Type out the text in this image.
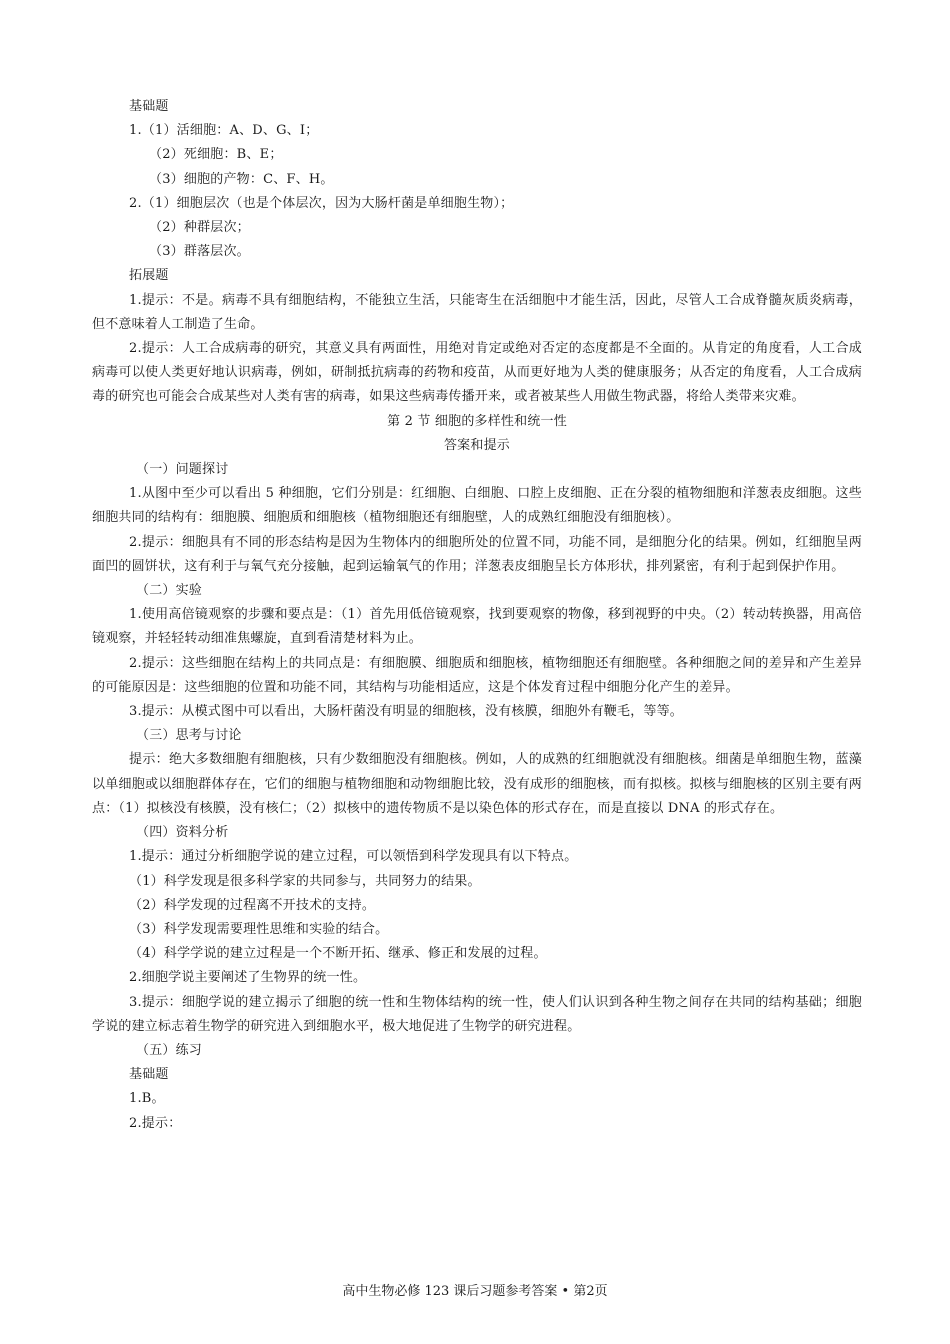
基础题

1.（1）活细胞：A、D、G、I；

（2）死细胞：B、E；

（3）细胞的产物：C、F、H。

2.（1）细胞层次（也是个体层次，因为大肠杆菌是单细胞生物）；

（2）种群层次；

（3）群落层次。

拓展题

1.提示：不是。病毒不具有细胞结构，不能独立生活，只能寄生在活细胞中才能生活，因此，尽管人工合成脊髓灰质炎病毒，但不意味着人工制造了生命。

2.提示：人工合成病毒的研究，其意义具有两面性，用绝对肯定或绝对否定的态度都是不全面的。从肯定的角度看，人工合成病毒可以使人类更好地认识病毒，例如，研制抵抗病毒的药物和疫苗，从而更好地为人类的健康服务；从否定的角度看，人工合成病毒的研究也可能会合成某些对人类有害的病毒，如果这些病毒传播开来，或者被某些人用做生物武器，将给人类带来灾难。

第 2 节 细胞的多样性和统一性

答案和提示

（一）问题探讨

1.从图中至少可以看出 5 种细胞，它们分别是：红细胞、白细胞、口腔上皮细胞、正在分裂的植物细胞和洋葱表皮细胞。这些细胞共同的结构有：细胞膜、细胞质和细胞核（植物细胞还有细胞壁，人的成熟红细胞没有细胞核）。

2.提示：细胞具有不同的形态结构是因为生物体内的细胞所处的位置不同，功能不同，是细胞分化的结果。例如，红细胞呈两面凹的圆饼状，这有利于与氧气充分接触，起到运输氧气的作用；洋葱表皮细胞呈长方体形状，排列紧密，有利于起到保护作用。

（二）实验

1.使用高倍镜观察的步骤和要点是：（1）首先用低倍镜观察，找到要观察的物像，移到视野的中央。（2）转动转换器，用高倍镜观察，并轻轻转动细准焦螺旋，直到看清楚材料为止。

2.提示：这些细胞在结构上的共同点是：有细胞膜、细胞质和细胞核，植物细胞还有细胞壁。各种细胞之间的差异和产生差异的可能原因是：这些细胞的位置和功能不同，其结构与功能相适应，这是个体发育过程中细胞分化产生的差异。

3.提示：从模式图中可以看出，大肠杆菌没有明显的细胞核，没有核膜，细胞外有鞭毛，等等。

（三）思考与讨论

提示：绝大多数细胞有细胞核，只有少数细胞没有细胞核。例如，人的成熟的红细胞就没有细胞核。细菌是单细胞生物，蓝藻以单细胞或以细胞群体存在，它们的细胞与植物细胞和动物细胞比较，没有成形的细胞核，而有拟核。拟核与细胞核的区别主要有两点：（1）拟核没有核膜，没有核仁；（2）拟核中的遗传物质不是以染色体的形式存在，而是直接以 DNA 的形式存在。

（四）资料分析

1.提示：通过分析细胞学说的建立过程，可以领悟到科学发现具有以下特点。

（1）科学发现是很多科学家的共同参与，共同努力的结果。

（2）科学发现的过程离不开技术的支持。

（3）科学发现需要理性思维和实验的结合。

（4）科学学说的建立过程是一个不断开拓、继承、修正和发展的过程。

2.细胞学说主要阐述了生物界的统一性。

3.提示：细胞学说的建立揭示了细胞的统一性和生物体结构的统一性，使人们认识到各种生物之间存在共同的结构基础；细胞学说的建立标志着生物学的研究进入到细胞水平，极大地促进了生物学的研究进程。

（五）练习

基础题

1.B。

2.提示：

高中生物必修 123 课后习题参考答案 • 第2页
